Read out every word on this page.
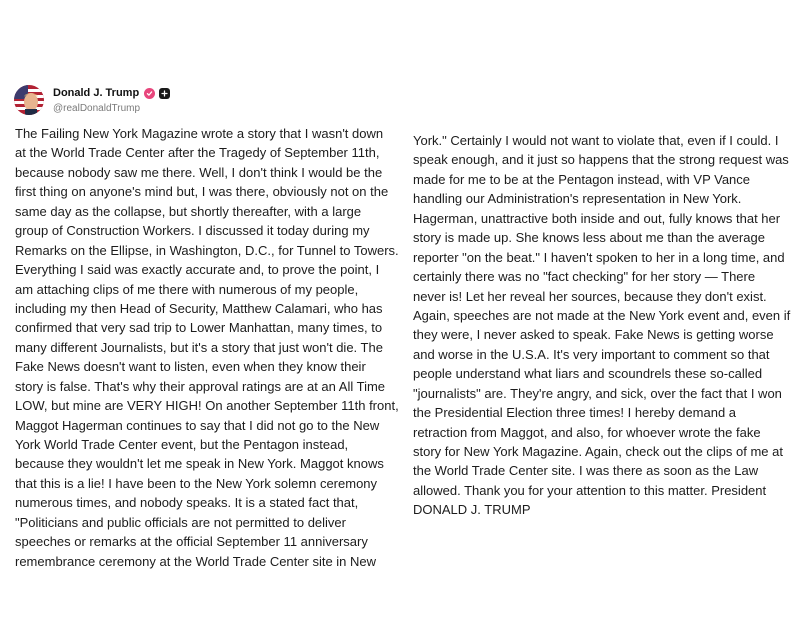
Donald J. Trump
@realDonaldTrump
The Failing New York Magazine wrote a story that I wasn't down
at the World Trade Center after the Tragedy of September 11th,
because nobody saw me there. Well, I don't think I would be the
first thing on anyone's mind but, I was there, obviously not on the
same day as the collapse, but shortly thereafter, with a large
group of Construction Workers. I discussed it today during my
Remarks on the Ellipse, in Washington, D.C., for Tunnel to Towers.
Everything I said was exactly accurate and, to prove the point, I
am attaching clips of me there with numerous of my people,
including my then Head of Security, Matthew Calamari, who has
confirmed that very sad trip to Lower Manhattan, many times, to
many different Journalists, but it's a story that just won't die. The
Fake News doesn't want to listen, even when they know their
story is false. That's why their approval ratings are at an All Time
LOW, but mine are VERY HIGH! On another September 11th front,
Maggot Hagerman continues to say that I did not go to the New
York World Trade Center event, but the Pentagon instead,
because they wouldn't let me speak in New York. Maggot knows
that this is a lie! I have been to the New York solemn ceremony
numerous times, and nobody speaks. It is a stated fact that,
"Politicians and public officials are not permitted to deliver
speeches or remarks at the official September 11 anniversary
remembrance ceremony at the World Trade Center site in New
York." Certainly I would not want to violate that, even if I could. I
speak enough, and it just so happens that the strong request was
made for me to be at the Pentagon instead, with VP Vance
handling our Administration's representation in New York.
Hagerman, unattractive both inside and out, fully knows that her
story is made up. She knows less about me than the average
reporter "on the beat." I haven't spoken to her in a long time, and
certainly there was no "fact checking" for her story — There
never is! Let her reveal her sources, because they don't exist.
Again, speeches are not made at the New York event and, even if
they were, I never asked to speak. Fake News is getting worse
and worse in the U.S.A. It's very important to comment so that
people understand what liars and scoundrels these so-called
"journalists" are. They're angry, and sick, over the fact that I won
the Presidential Election three times! I hereby demand a
retraction from Maggot, and also, for whoever wrote the fake
story for New York Magazine. Again, check out the clips of me at
the World Trade Center site. I was there as soon as the Law
allowed. Thank you for your attention to this matter. President
DONALD J. TRUMP
